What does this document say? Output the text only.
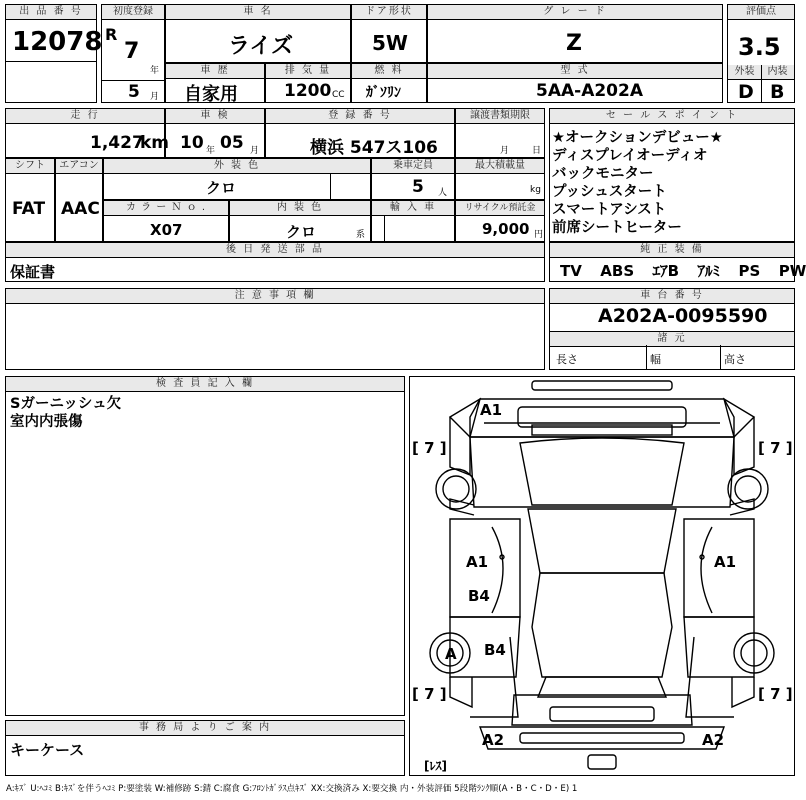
出 品 番 号
12078
初度登録
R
7
年
5 月
車 名
ライズ
ドア形状
5W
グ レ ー ド
Z
評価点
3.5
外装	内装
D B
車 歴
自家用
排 気 量
1200 CC
燃 料
ｶﾞｿﾘﾝ
型 式
5AA-A202A
走 行
1,427
km
車 検
10 年 05 月
登 録 番 号
横浜 547ス106
譲渡書類期限
月	日
シフト
FAT
エアコン
AAC
外 装 色
クロ
乗車定員
5 人
最大積載量
kg
カ ラ ー Ｎ ｏ .
X07
内 装 色
クロ	系
輸 入 車	リサイクル預託金
9,000 円
後 日 発 送 部 品
保証書
セ ー ル ス ポ イ ン ト
★オークションデビュー★
ディスプレイオーディオ
バックモニター
プッシュスタート
スマートアシスト
前席シートヒーター
純 正 装 備
TV ABS ｴｱB ｱﾙﾐ PS PW
注 意 事 項 欄	車 台 番 号
A202A-0095590
諸 元
長さ	幅	高さ
検 査 員 記 入 欄
Sガーニッシュ欠
室内内張傷
事 務 局 よ り ご 案 内
キーケース
A1
[ 7 ]	[ 7 ]
A1	A1
B4
A B4
[ 7 ]	[ 7 ]
A2	A2
[ﾚｽ]
A:ｷｽﾞ U:ﾍｺﾐ B:ｷｽﾞを伴うﾍｺﾐ P:要塗装 W:補修跡 S:錆 C:腐食 G:ﾌﾛﾝﾄｶﾞﾗｽ点ｷｽﾞ XX:交換済み X:要交換 内・外装評価 5段階ﾗﾝｸ順(A・B・C・D・E) 1
